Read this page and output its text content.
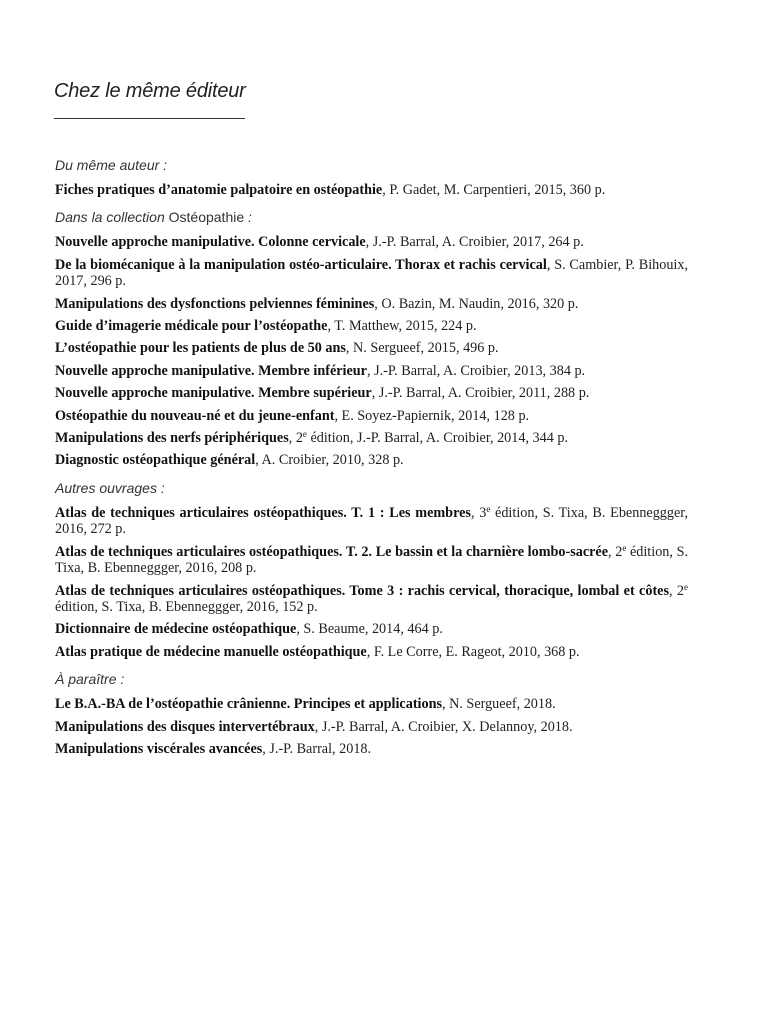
Chez le même éditeur

Du même auteur :

Fiches pratiques d’anatomie palpatoire en ostéopathie, P. Gadet, M. Carpentieri, 2015, 360 p.

Dans la collection Ostéopathie :

Nouvelle approche manipulative. Colonne cervicale, J.-P. Barral, A. Croibier, 2017, 264 p.

De la biomécanique à la manipulation ostéo-articulaire. Thorax et rachis cervical, S. Cambier, P. Bihouix, 2017, 296 p.

Manipulations des dysfonctions pelviennes féminines, O. Bazin, M. Naudin, 2016, 320 p.

Guide d’imagerie médicale pour l’ostéopathe, T. Matthew, 2015, 224 p.

L’ostéopathie pour les patients de plus de 50 ans, N. Sergueef, 2015, 496 p.

Nouvelle approche manipulative. Membre inférieur, J.-P. Barral, A. Croibier, 2013, 384 p.

Nouvelle approche manipulative. Membre supérieur, J.-P. Barral, A. Croibier, 2011, 288 p.

Ostéopathie du nouveau-né et du jeune-enfant, E. Soyez-Papiernik, 2014, 128 p.

Manipulations des nerfs périphériques, 2e édition, J.-P. Barral, A. Croibier, 2014, 344 p.

Diagnostic ostéopathique général, A. Croibier, 2010, 328 p.

Autres ouvrages :

Atlas de techniques articulaires ostéopathiques. T. 1 : Les membres, 3e édition, S. Tixa, B. Ebenneggger, 2016, 272 p.

Atlas de techniques articulaires ostéopathiques. T. 2. Le bassin et la charnière lombo-sacrée, 2e édition, S. Tixa, B. Ebenneggger, 2016, 208 p.

Atlas de techniques articulaires ostéopathiques. Tome 3 : rachis cervical, thoracique, lombal et côtes, 2e édition, S. Tixa, B. Ebenneggger, 2016, 152 p.

Dictionnaire de médecine ostéopathique, S. Beaume, 2014, 464 p.

Atlas pratique de médecine manuelle ostéopathique, F. Le Corre, E. Rageot, 2010, 368 p.

À paraître :

Le B.A.-BA de l’ostéopathie crânienne. Principes et applications, N. Sergueef, 2018.

Manipulations des disques intervertébraux, J.-P. Barral, A. Croibier, X. Delannoy, 2018.

Manipulations viscérales avancées, J.-P. Barral, 2018.
